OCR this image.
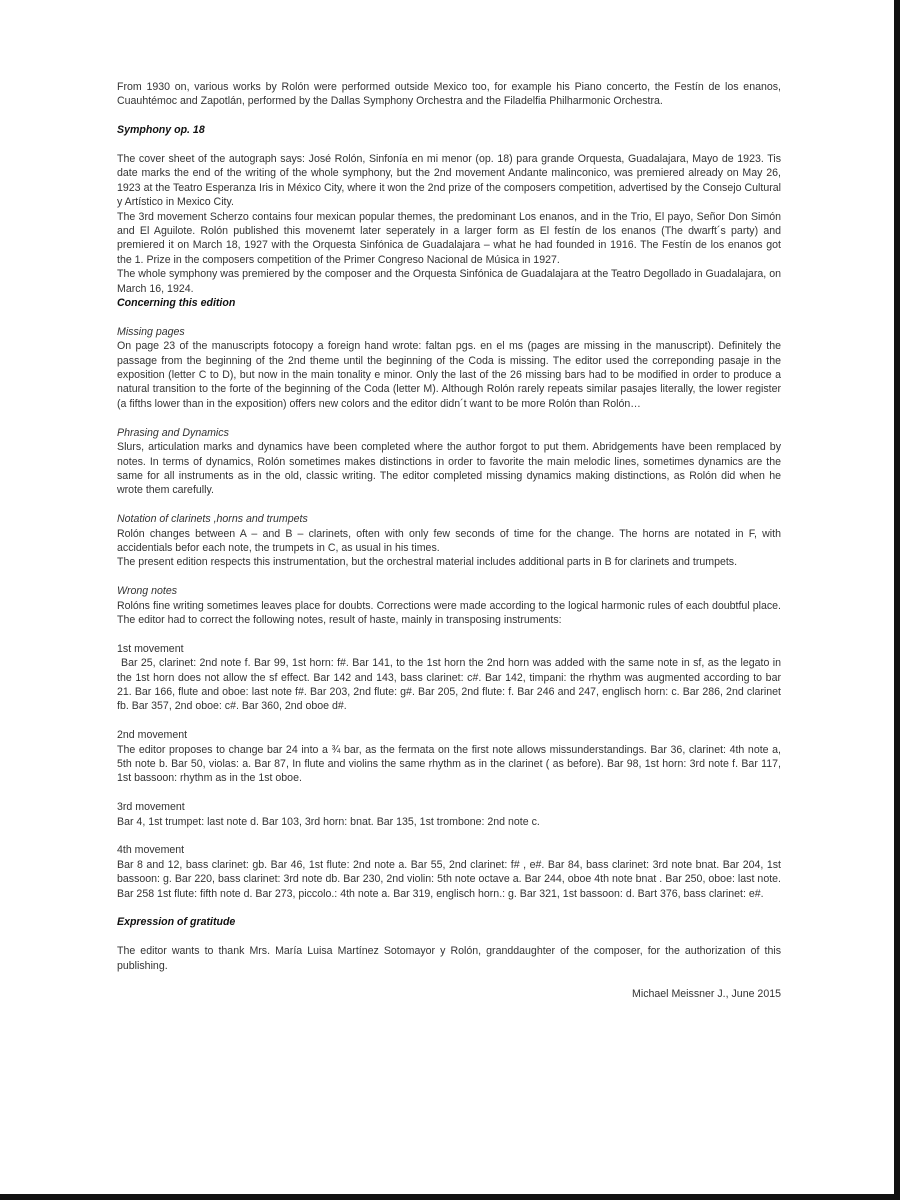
From 1930 on, various works by Rolón were performed outside Mexico too, for example his Piano concerto, the Festín de los enanos, Cuauhtémoc and Zapotlán, performed by the Dallas Symphony Orchestra and the Filadelfia Philharmonic Orchestra.

Symphony op. 18

The cover sheet of the autograph says: José Rolón, Sinfonía en mi menor (op. 18) para grande Orquesta, Guadalajara, Mayo de 1923. Tis date marks the end of the writing of the whole symphony, but the 2nd movement Andante malinconico, was premiered already on May 26, 1923 at the Teatro Esperanza Iris in México City, where it won the 2nd prize of the composers competition, advertised by the Consejo Cultural y Artístico in Mexico City.

The 3rd movement Scherzo contains four mexican popular themes, the predominant Los enanos, and in the Trio, El payo, Señor Don Simón and El Aguilote. Rolón published this movenemt later seperately in a larger form as El festín de los enanos (The dwarft´s party) and premiered it on March 18, 1927 with the Orquesta Sinfónica de Guadalajara – what he had founded in 1916. The Festín de los enanos got the 1. Prize in the composers competition of the Primer Congreso Nacional de Música in 1927.

The whole symphony was premiered by the composer and the Orquesta Sinfónica de Guadalajara at the Teatro Degollado in Guadalajara, on March 16, 1924.

Concerning this edition

Missing pages

On page 23 of the manuscripts fotocopy a foreign hand wrote: faltan pgs. en el ms (pages are missing in the manuscript). Definitely the passage from the beginning of the 2nd theme until the beginning of the Coda is missing. The editor used the correponding pasaje in the exposition (letter C to D), but now in the main tonality e minor. Only the last of the 26 missing bars had to be modified in order to produce a natural transition to the forte of the beginning of the Coda (letter M). Although Rolón rarely repeats similar pasajes literally, the lower register (a fifths lower than in the exposition) offers new colors and the editor didn´t want to be more Rolón than Rolón…

Phrasing and Dynamics

Slurs, articulation marks and dynamics have been completed where the author forgot to put them. Abridgements have been remplaced by notes. In terms of dynamics, Rolón sometimes makes distinctions in order to favorite the main melodic lines, sometimes dynamics are the same for all instruments as in the old, classic writing. The editor completed missing dynamics making distinctions, as Rolón did when he wrote them carefully.

Notation of clarinets ,horns and trumpets

Rolón changes between A – and B – clarinets, often with only few seconds of time for the change. The horns are notated in F, with accidentials befor each note, the trumpets in C, as usual in his times.

The present edition respects this instrumentation, but the orchestral material includes additional parts in B for clarinets and trumpets.

Wrong notes

Rolóns fine writing sometimes leaves place for doubts. Corrections were made according to the logical harmonic rules of each doubtful place. The editor had to correct the following notes, result of haste, mainly in transposing instruments:

1st movement

Bar 25, clarinet: 2nd note f. Bar 99, 1st horn: f#. Bar 141, to the 1st horn the 2nd horn was added with the same note in sf, as the legato in the 1st horn does not allow the sf effect. Bar 142 and 143, bass clarinet: c#. Bar 142, timpani: the rhythm was augmented according to bar 21. Bar 166, flute and oboe: last note f#. Bar 203, 2nd flute: g#. Bar 205, 2nd flute: f. Bar 246 and 247, englisch horn: c. Bar 286, 2nd clarinet fb. Bar 357, 2nd oboe: c#. Bar 360, 2nd oboe d#.

2nd movement

The editor proposes to change bar 24 into a ¾ bar, as the fermata on the first note allows missunderstandings. Bar 36, clarinet: 4th note a, 5th note b. Bar 50, violas: a. Bar 87, In flute and violins the same rhythm as in the clarinet ( as before). Bar 98, 1st horn: 3rd note f. Bar 117, 1st bassoon: rhythm as in the 1st oboe.

3rd movement

Bar 4, 1st trumpet: last note d. Bar 103, 3rd horn: bnat. Bar 135, 1st trombone: 2nd note c.

4th movement

Bar 8 and 12, bass clarinet: gb. Bar 46, 1st flute: 2nd note a. Bar 55, 2nd clarinet: f# , e#. Bar 84, bass clarinet: 3rd note bnat. Bar 204, 1st bassoon: g. Bar 220, bass clarinet: 3rd note db. Bar 230, 2nd violin: 5th note octave a. Bar 244, oboe 4th note bnat . Bar 250, oboe: last note. Bar 258 1st flute: fifth note d. Bar 273, piccolo.: 4th note a. Bar 319, englisch horn.: g. Bar 321, 1st bassoon: d. Bart 376, bass clarinet: e#.

Expression of gratitude

The editor wants to thank Mrs. María Luisa Martínez Sotomayor y Rolón, granddaughter of the composer, for the authorization of this publishing.

Michael Meissner J., June 2015
